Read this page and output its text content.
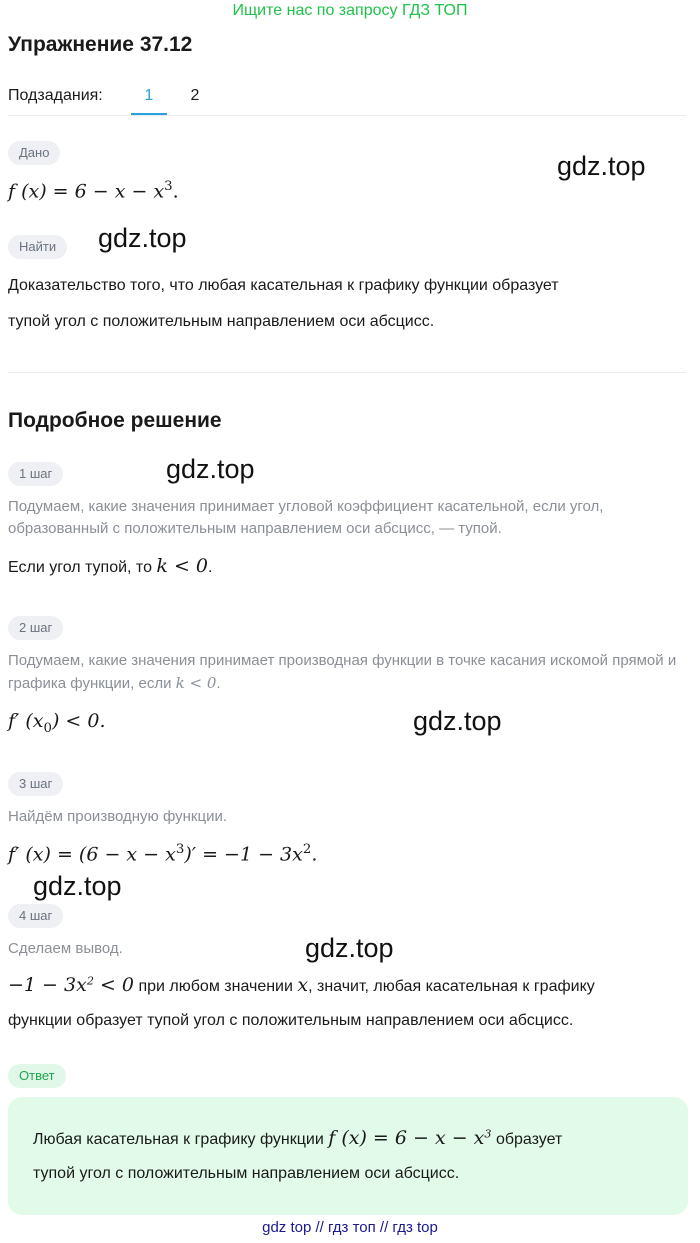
Ищите нас по запросу ГДЗ ТОП
Упражнение 37.12
Подзадания:	1	2
Дано
f $(x) = 6 - x - x^3$.
gdz.top
Найти	gdz.top
Доказательство того, что любая касательная к графику функции образует
тупой угол с положительным направлением оси абсцисс.
Подробное решение
1 шаг	gdz.top
Подумаем, какие значения принимает угловой коэффициент касательной, если угол, образованный с положительным направлением оси абсцисс, — тупой.
Если угол тупой, то k < 0.
2 шаг
Подумаем, какие значения принимает производная функции в точке касания искомой прямой и графика функции, если k < 0.
f′ $(x_0) < 0$.	gdz.top
3 шаг
Найдём производную функции.
f′ $(x) = (6 - x - x^3)' = -1 - 3x^2$.
gdz.top
4 шаг
gdz.top
Сделаем вывод.
$-1 - 3x^2 < 0$ при любом значении x, значит, любая касательная к графику
функции образует тупой угол с положительным направлением оси абсцисс.
Ответ
Любая касательная к графику функции f $(x) = 6 - x - x^3$ образует
тупой угол с положительным направлением оси абсцисс.
gdz top // гдз топ // гдз top
